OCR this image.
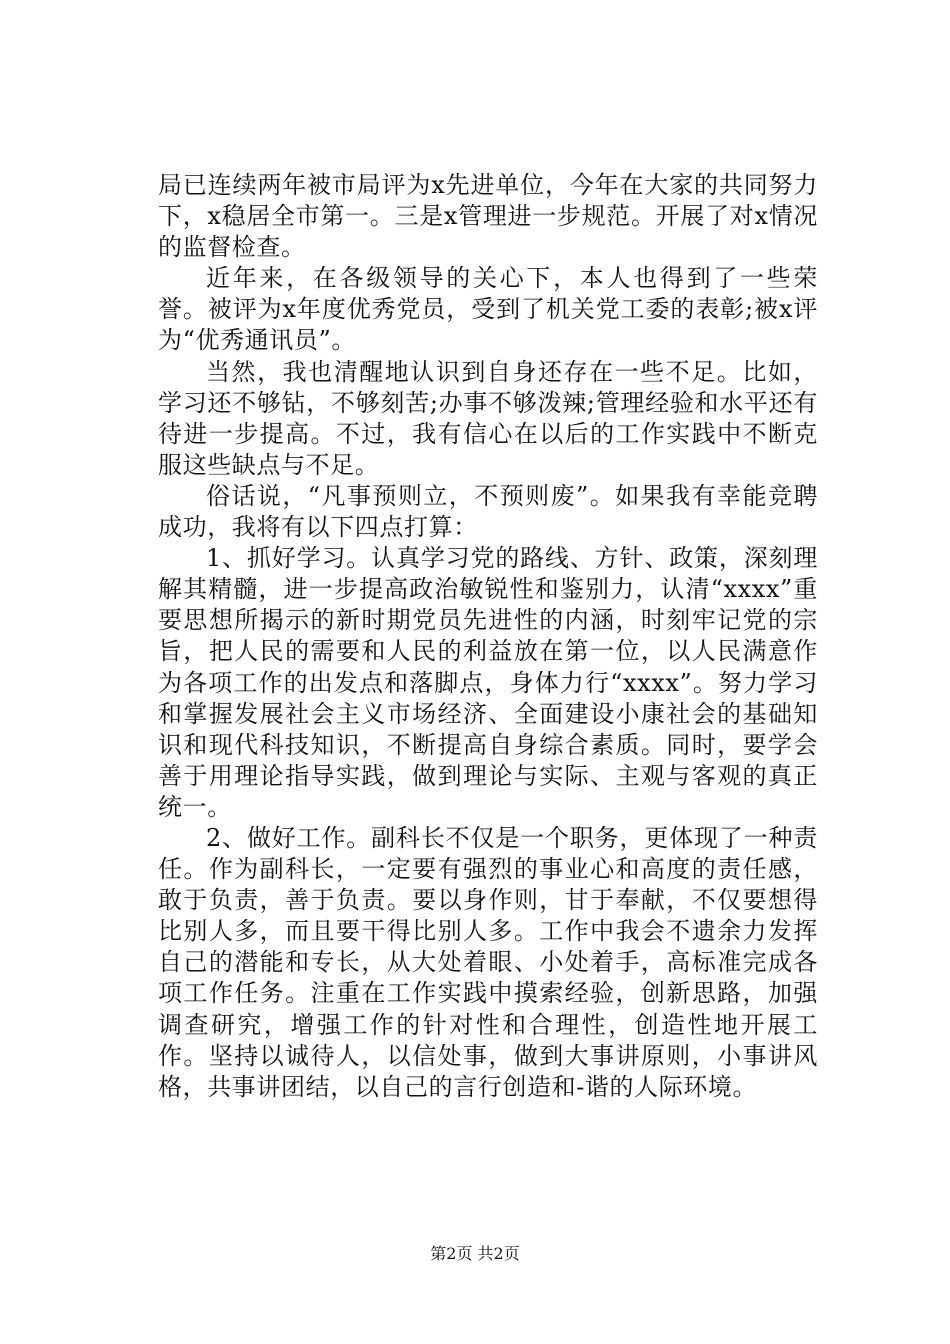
局已连续两年被市局评为x先进单位，今年在大家的共同努力下，x稳居全市第一。三是x管理进一步规范。开展了对x情况的监督检查。

近年来，在各级领导的关心下，本人也得到了一些荣誉。被评为x年度优秀党员，受到了机关党工委的表彰;被x评为“优秀通讯员”。

当然，我也清醒地认识到自身还存在一些不足。比如，学习还不够钻，不够刻苦;办事不够泼辣;管理经验和水平还有待进一步提高。不过，我有信心在以后的工作实践中不断克服这些缺点与不足。

俗话说，“凡事预则立，不预则废”。如果我有幸能竞聘成功，我将有以下四点打算：

1、抓好学习。认真学习党的路线、方针、政策，深刻理解其精髓，进一步提高政治敏锐性和鉴别力，认清“xxxx”重要思想所揭示的新时期党员先进性的内涵，时刻牢记党的宗旨，把人民的需要和人民的利益放在第一位，以人民满意作为各项工作的出发点和落脚点，身体力行“xxxx”。努力学习和掌握发展社会主义市场经济、全面建设小康社会的基础知识和现代科技知识，不断提高自身综合素质。同时，要学会善于用理论指导实践，做到理论与实际、主观与客观的真正统一。

2、做好工作。副科长不仅是一个职务，更体现了一种责任。作为副科长，一定要有强烈的事业心和高度的责任感，敢于负责，善于负责。要以身作则，甘于奉献，不仅要想得比别人多，而且要干得比别人多。工作中我会不遗余力发挥自己的潜能和专长，从大处着眼、小处着手，高标准完成各项工作任务。注重在工作实践中摸索经验，创新思路，加强调查研究，增强工作的针对性和合理性，创造性地开展工作。坚持以诚待人，以信处事，做到大事讲原则，小事讲风格，共事讲团结，以自己的言行创造和-谐的人际环境。

第2页 共2页
